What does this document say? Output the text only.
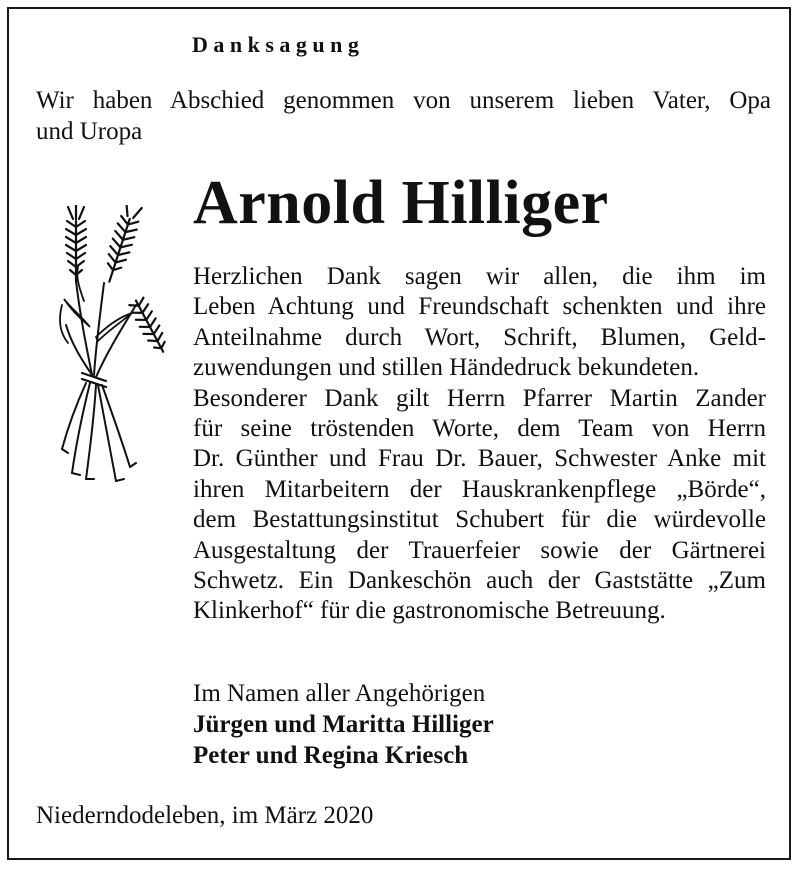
Danksagung
Wir haben Abschied genommen von unserem lieben Vater, Opa
und Uropa
Arnold Hilliger
Herzlichen Dank sagen wir allen, die ihm im
Leben Achtung und Freundschaft schenkten und ihre
Anteilnahme durch Wort, Schrift, Blumen, Geld-
zuwendungen und stillen Händedruck bekundeten.
Besonderer Dank gilt Herrn Pfarrer Martin Zander
für seine tröstenden Worte, dem Team von Herrn
Dr. Günther und Frau Dr. Bauer, Schwester Anke mit
ihren Mitarbeitern der Hauskrankenpflege „Börde“,
dem Bestattungsinstitut Schubert für die würdevolle
Ausgestaltung der Trauerfeier sowie der Gärtnerei
Schwetz. Ein Dankeschön auch der Gaststätte „Zum
Klinkerhof“ für die gastronomische Betreuung.
Im Namen aller Angehörigen
Jürgen und Maritta Hilliger
Peter und Regina Kriesch
Niederndodeleben, im März 2020
